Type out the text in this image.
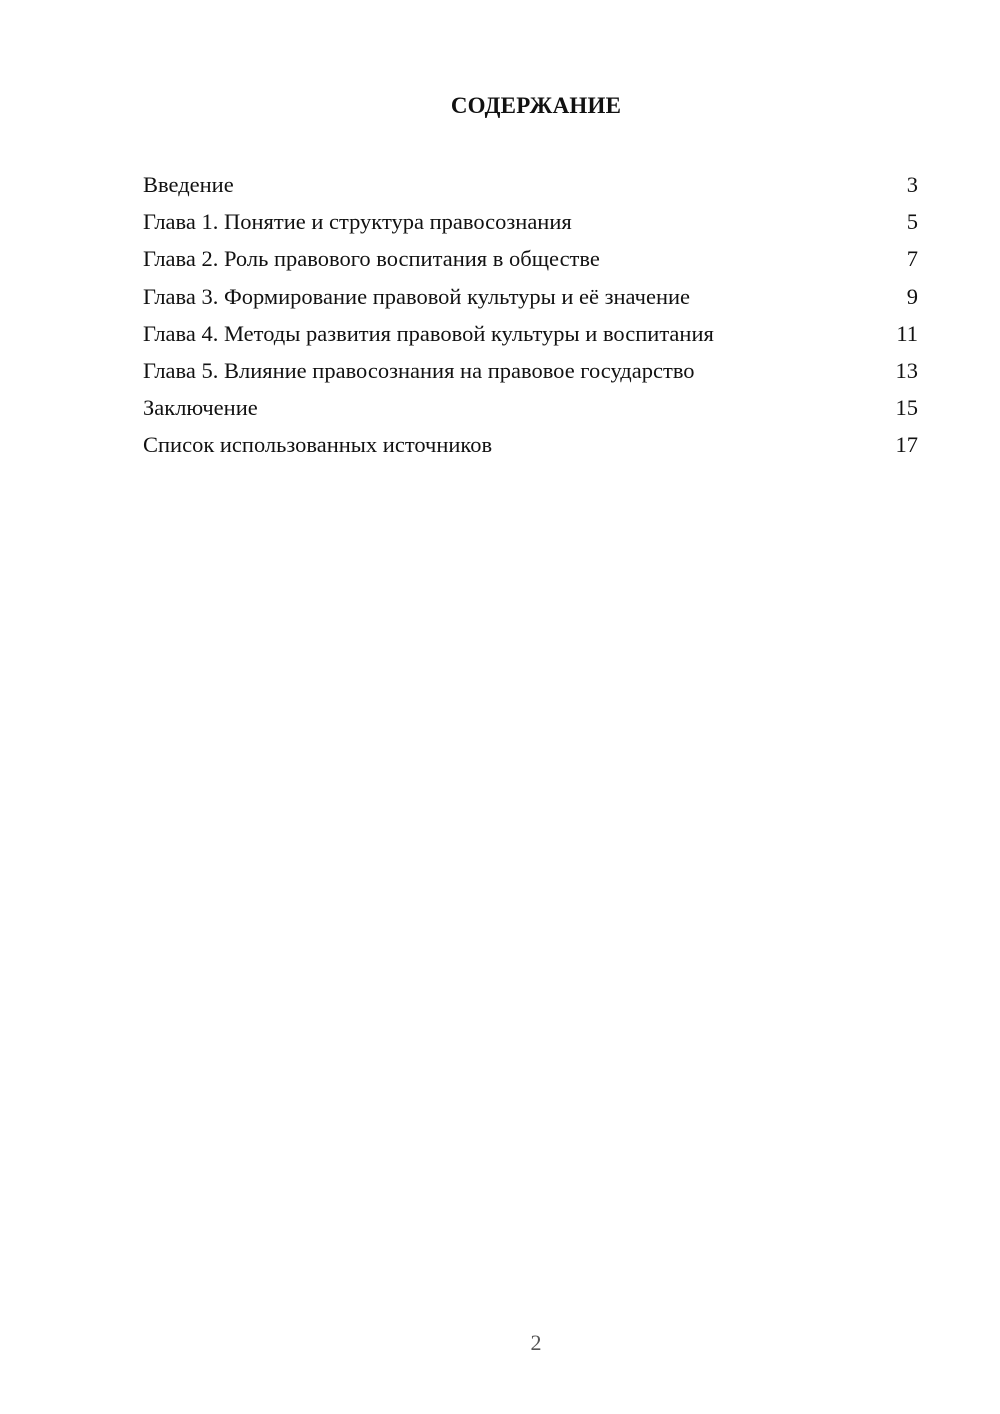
СОДЕРЖАНИЕ
Введение	3
Глава 1. Понятие и структура правосознания	5
Глава 2. Роль правового воспитания в обществе	7
Глава 3. Формирование правовой культуры и её значение	9
Глава 4. Методы развития правовой культуры и воспитания	11
Глава 5. Влияние правосознания на правовое государство	13
Заключение	15
Список использованных источников	17
2
